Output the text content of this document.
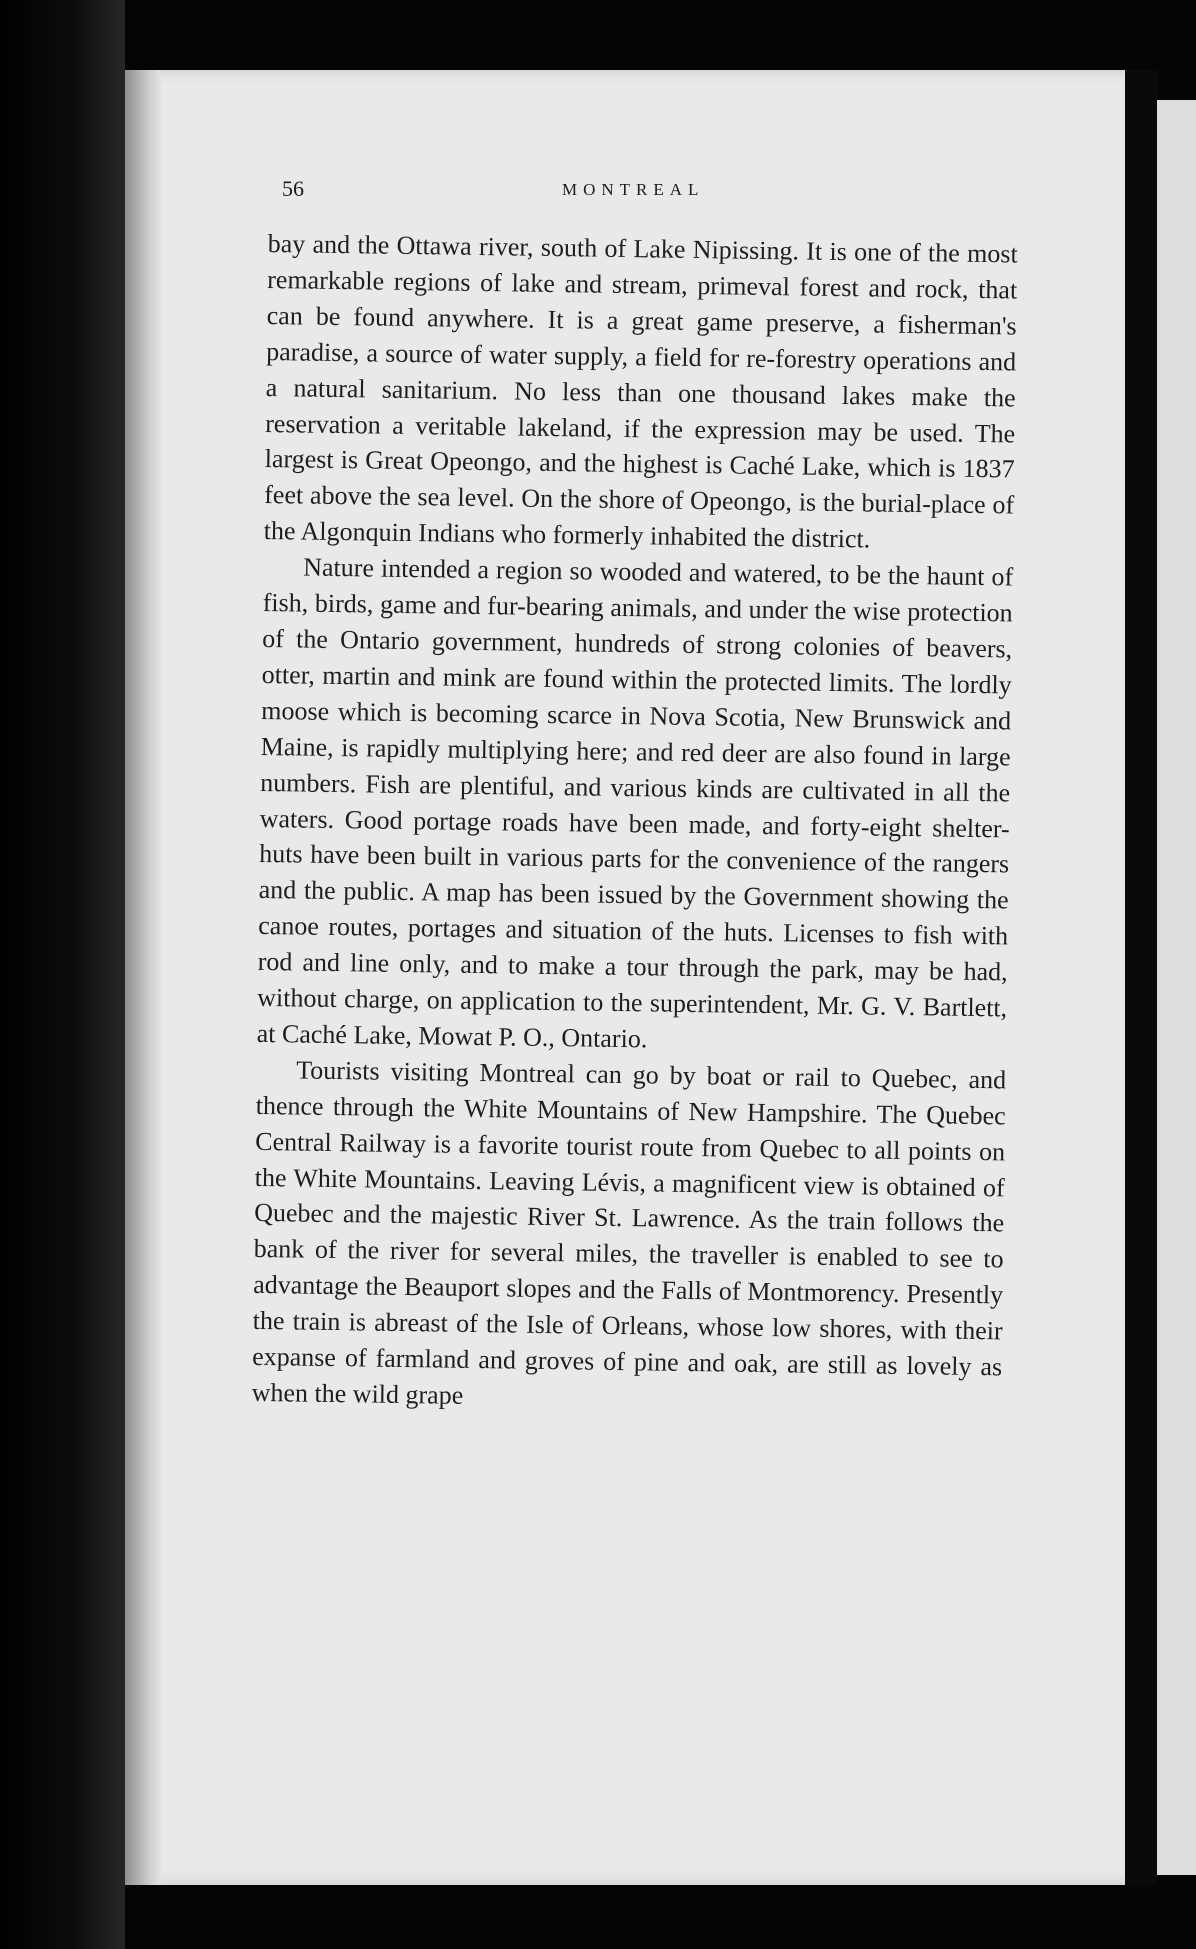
56	MONTREAL

bay and the Ottawa river, south of Lake Nipissing. It is one of the most remarkable regions of lake and stream, primeval forest and rock, that can be found anywhere. It is a great game preserve, a fisherman's paradise, a source of water supply, a field for re-forestry operations and a natural sanitarium. No less than one thousand lakes make the reservation a veritable lakeland, if the expression may be used. The largest is Great Opeongo, and the highest is Caché Lake, which is 1837 feet above the sea level. On the shore of Opeongo, is the burial-place of the Algonquin Indians who formerly inhabited the district.

Nature intended a region so wooded and watered, to be the haunt of fish, birds, game and fur-bearing animals, and under the wise protection of the Ontario government, hundreds of strong colonies of beavers, otter, martin and mink are found within the protected limits. The lordly moose which is becoming scarce in Nova Scotia, New Brunswick and Maine, is rapidly multiplying here; and red deer are also found in large numbers. Fish are plentiful, and various kinds are cultivated in all the waters. Good portage roads have been made, and forty-eight shelter-huts have been built in various parts for the convenience of the rangers and the public. A map has been issued by the Government showing the canoe routes, portages and situation of the huts. Licenses to fish with rod and line only, and to make a tour through the park, may be had, without charge, on application to the superintendent, Mr. G. V. Bartlett, at Caché Lake, Mowat P. O., Ontario.

Tourists visiting Montreal can go by boat or rail to Quebec, and thence through the White Mountains of New Hampshire. The Quebec Central Railway is a favorite tourist route from Quebec to all points on the White Mountains. Leaving Lévis, a magnificent view is obtained of Quebec and the majestic River St. Lawrence. As the train follows the bank of the river for several miles, the traveller is enabled to see to advantage the Beauport slopes and the Falls of Montmorency. Presently the train is abreast of the Isle of Orleans, whose low shores, with their expanse of farmland and groves of pine and oak, are still as lovely as when the wild grape
